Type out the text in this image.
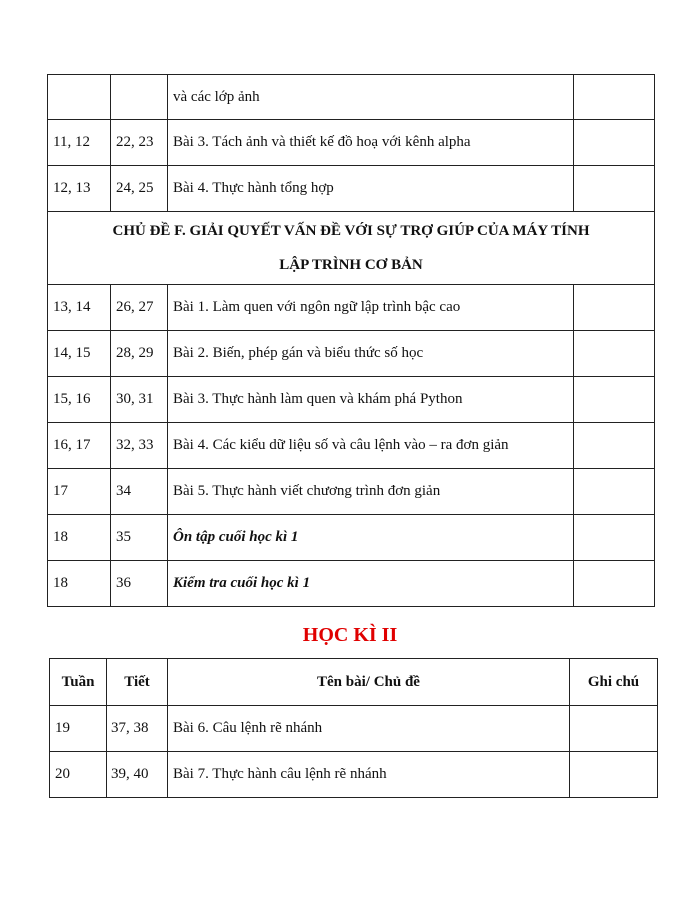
		và các lớp ảnh	
11, 12	22, 23	Bài 3. Tách ảnh và thiết kế đồ hoạ với kênh alpha	
12, 13	24, 25	Bài 4. Thực hành tổng hợp	

CHỦ ĐỀ F. GIẢI QUYẾT VẤN ĐỀ VỚI SỰ TRỢ GIÚP CỦA MÁY TÍNH
LẬP TRÌNH CƠ BẢN			

13, 14	26, 27	Bài 1. Làm quen với ngôn ngữ lập trình bậc cao	
14, 15	28, 29	Bài 2. Biến, phép gán và biểu thức số học	
15, 16	30, 31	Bài 3. Thực hành làm quen và khám phá Python	
16, 17	32, 33	Bài 4. Các kiểu dữ liệu số và câu lệnh vào – ra đơn giản	
17	34	Bài 5. Thực hành viết chương trình đơn giản	
18	35	Ôn tập cuối học kì 1	
18	36	Kiểm tra cuối học kì 1	
HỌC KÌ II
Tuần	Tiết	Tên bài/ Chủ đề	Ghi chú
19	37, 38	Bài 6. Câu lệnh rẽ nhánh	
20	39, 40	Bài 7. Thực hành câu lệnh rẽ nhánh	
